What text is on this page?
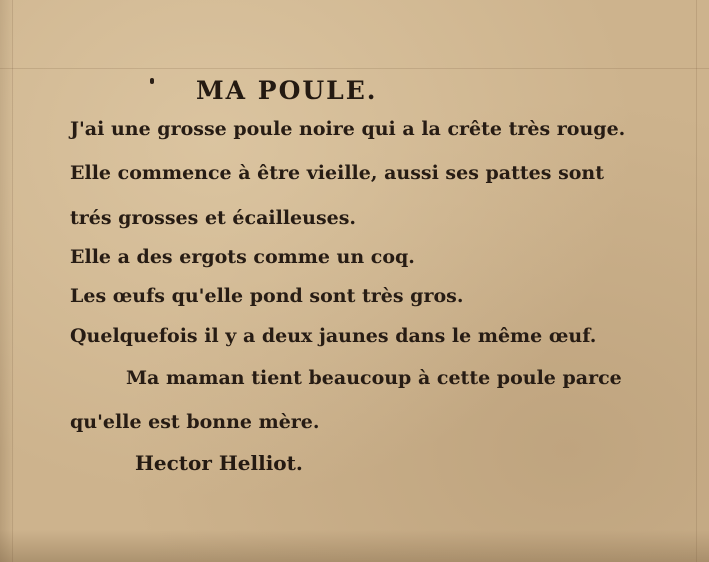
MA POULE.
J'ai une grosse poule noire qui a la crête très rouge.
Elle commence à être vieille, aussi ses pattes sont
trés grosses et écailleuses.
Elle a des ergots comme un coq.
Les œufs qu'elle pond sont très gros.
Quelquefois il y a deux jaunes dans le même œuf.
Ma maman tient beaucoup à cette poule parce
qu'elle est bonne mère.
Hector Helliot.
